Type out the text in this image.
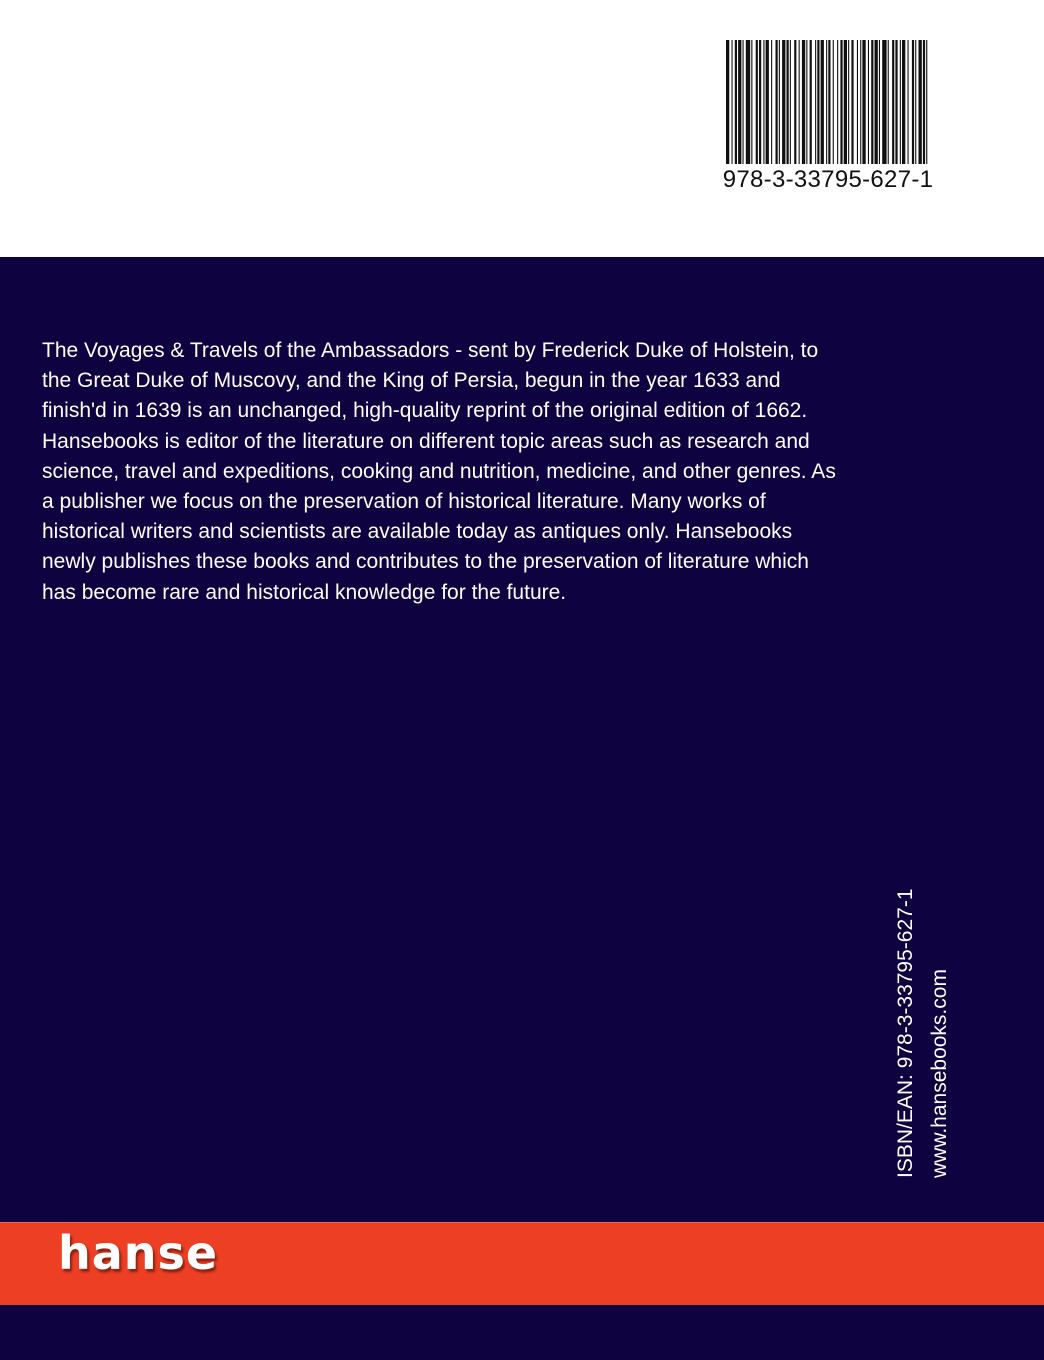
978-3-33795-627-1

The Voyages & Travels of the Ambassadors - sent by Frederick Duke of Holstein, to
the Great Duke of Muscovy, and the King of Persia, begun in the year 1633 and
finish'd in 1639 is an unchanged, high-quality reprint of the original edition of 1662.
Hansebooks is editor of the literature on different topic areas such as research and
science, travel and expeditions, cooking and nutrition, medicine, and other genres. As
a publisher we focus on the preservation of historical literature. Many works of
historical writers and scientists are available today as antiques only. Hansebooks
newly publishes these books and contributes to the preservation of literature which
has become rare and historical knowledge for the future.

ISBN/EAN: 978-3-33795-627-1 www.hansebooks.com
hanse
